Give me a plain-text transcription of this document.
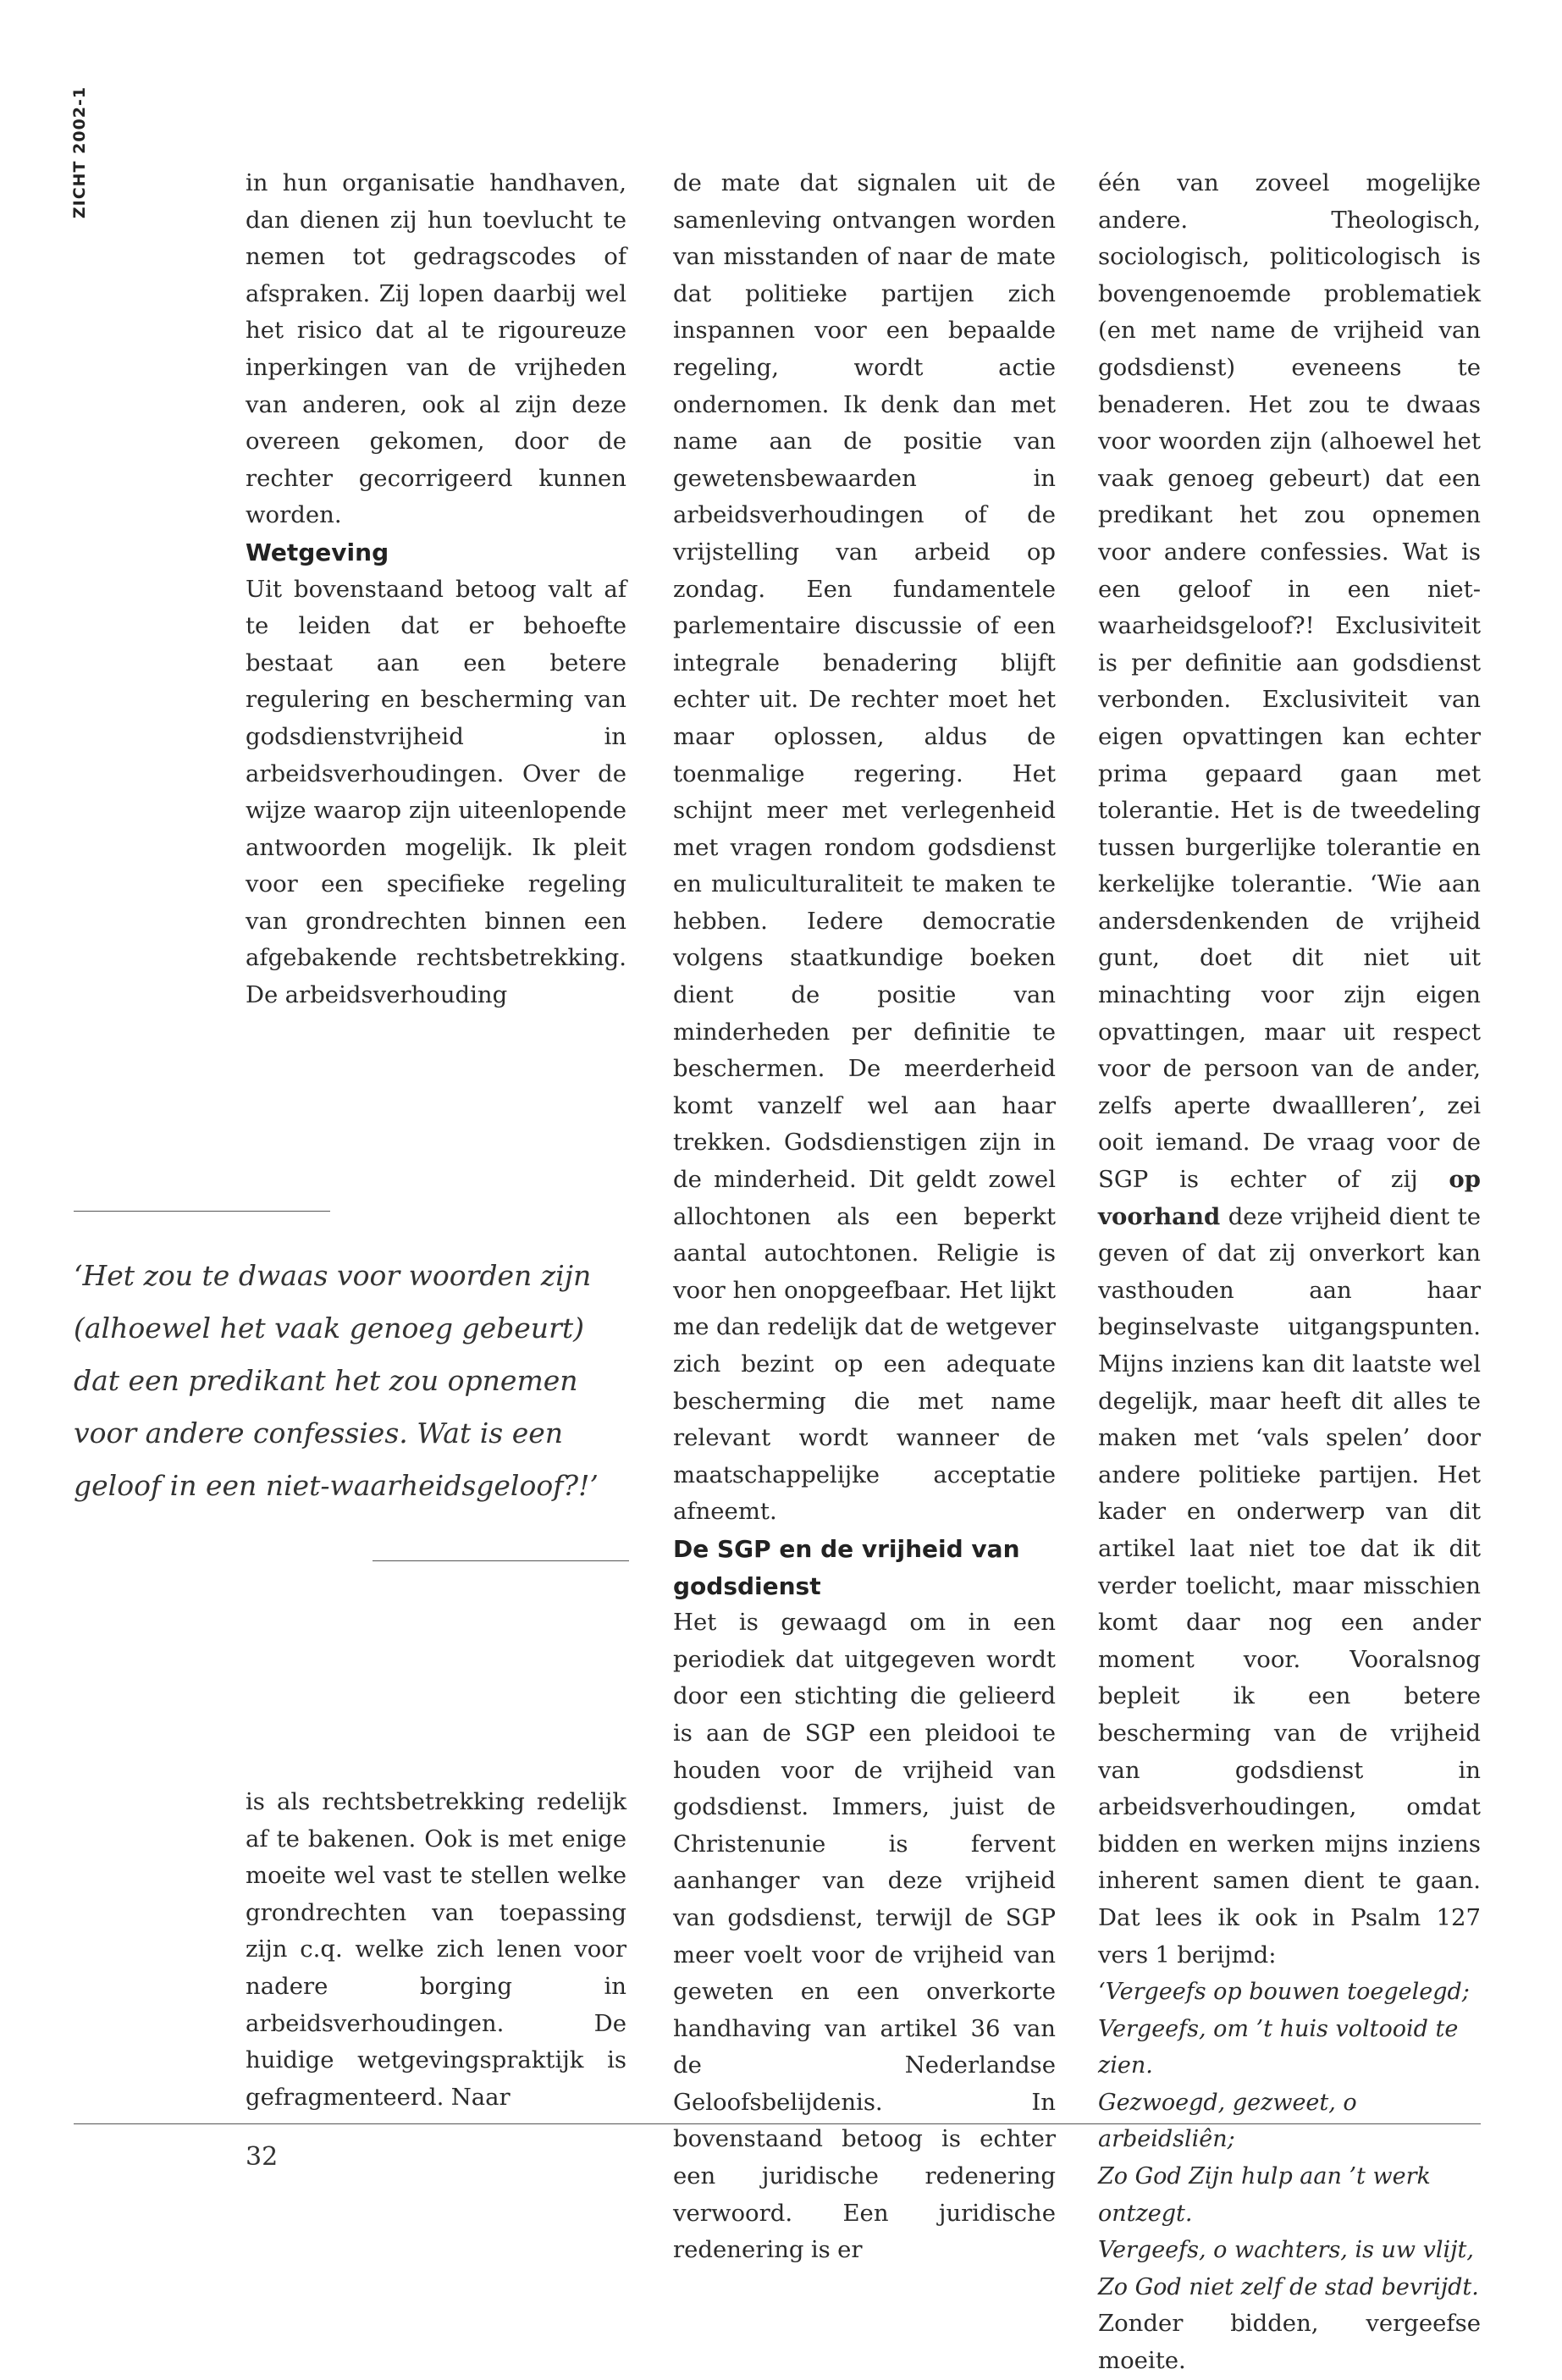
ZICHT 2002-1	in hun organisatie handhaven, dan dienen zij hun toevlucht te nemen tot gedragscodes of afspraken. Zij lopen daarbij wel het risico dat al te rigoureuze inperkingen van de vrijheden van anderen, ook al zijn deze overeen gekomen, door de rechter gecorrigeerd kunnen worden.

Wetgeving

Uit bovenstaand betoog valt af te leiden dat er behoefte bestaat aan een betere regulering en bescherming van godsdienstvrijheid in arbeidsverhoudingen. Over de wijze waarop zijn uiteenlopende antwoorden mogelijk. Ik pleit voor een specifieke regeling van grondrechten binnen een afgebakende rechtsbetrekking. De arbeidsverhouding

‘Het zou te dwaas voor woorden zijn (alhoewel het vaak genoeg gebeurt) dat een predikant het zou opnemen voor andere confessies. Wat is een geloof in een niet-waarheidsgeloof?!’

is als rechtsbetrekking redelijk af te bakenen. Ook is met enige moeite wel vast te stellen welke grondrechten van toepassing zijn c.q. welke zich lenen voor nadere borging in arbeidsverhoudingen. De huidige wetgevingspraktijk is gefragmenteerd. Naar

de mate dat signalen uit de samenleving ontvangen worden van misstanden of naar de mate dat politieke partijen zich inspannen voor een bepaalde regeling, wordt actie ondernomen. Ik denk dan met name aan de positie van gewetensbewaarden in arbeidsverhoudingen of de vrijstelling van arbeid op zondag. Een fundamentele parlementaire discussie of een integrale benadering blijft echter uit. De rechter moet het maar oplossen, aldus de toenmalige regering. Het schijnt meer met verlegenheid met vragen rondom godsdienst en muliculturaliteit te maken te hebben. Iedere democratie volgens staatkundige boeken dient de positie van minderheden per definitie te beschermen. De meerderheid komt vanzelf wel aan haar trekken. Godsdienstigen zijn in de minderheid. Dit geldt zowel allochtonen als een beperkt aantal autochtonen. Religie is voor hen onopgeefbaar. Het lijkt me dan redelijk dat de wetgever zich bezint op een adequate bescherming die met name relevant wordt wanneer de maatschappelijke acceptatie afneemt.

De SGP en de vrijheid van godsdienst

Het is gewaagd om in een periodiek dat uitgegeven wordt door een stichting die gelieerd is aan de SGP een pleidooi te houden voor de vrijheid van godsdienst. Immers, juist de Christenunie is fervent aanhanger van deze vrijheid van godsdienst, terwijl de SGP meer voelt voor de vrijheid van geweten en een onverkorte handhaving van artikel 36 van de Nederlandse Geloofsbelijdenis. In bovenstaand betoog is echter een juridische redenering verwoord. Een juridische redenering is er

één van zoveel mogelijke andere. Theologisch, sociologisch, politicologisch is bovengenoemde problematiek (en met name de vrijheid van godsdienst) eveneens te benaderen. Het zou te dwaas voor woorden zijn (alhoewel het vaak genoeg gebeurt) dat een predikant het zou opnemen voor andere confessies. Wat is een geloof in een niet-waarheidsgeloof?! Exclusiviteit is per definitie aan godsdienst verbonden. Exclusiviteit van eigen opvattingen kan echter prima gepaard gaan met tolerantie. Het is de tweedeling tussen burgerlijke tolerantie en kerkelijke tolerantie. ‘Wie aan andersdenkenden de vrijheid gunt, doet dit niet uit minachting voor zijn eigen opvattingen, maar uit respect voor de persoon van de ander, zelfs aperte dwaallleren’, zei ooit iemand. De vraag voor de SGP is echter of zij op voorhand deze vrijheid dient te geven of dat zij onverkort kan vasthouden aan haar beginselvaste uitgangspunten. Mijns inziens kan dit laatste wel degelijk, maar heeft dit alles te maken met ‘vals spelen’ door andere politieke partijen. Het kader en onderwerp van dit artikel laat niet toe dat ik dit verder toelicht, maar misschien komt daar nog een ander moment voor. Vooralsnog bepleit ik een betere bescherming van de vrijheid van godsdienst in arbeidsverhoudingen, omdat bidden en werken mijns inziens inherent samen dient te gaan. Dat lees ik ook in Psalm 127 vers 1 berijmd:

‘Vergeefs op bouwen toegelegd;

Vergeefs, om ’t huis voltooid te zien.

Gezwoegd, gezweet, o arbeidsliên;

Zo God Zijn hulp aan ’t werk ontzegt.

Vergeefs, o wachters, is uw vlijt,

Zo God niet zelf de stad bevrijdt.

Zonder bidden, vergeefse moeite.

32
